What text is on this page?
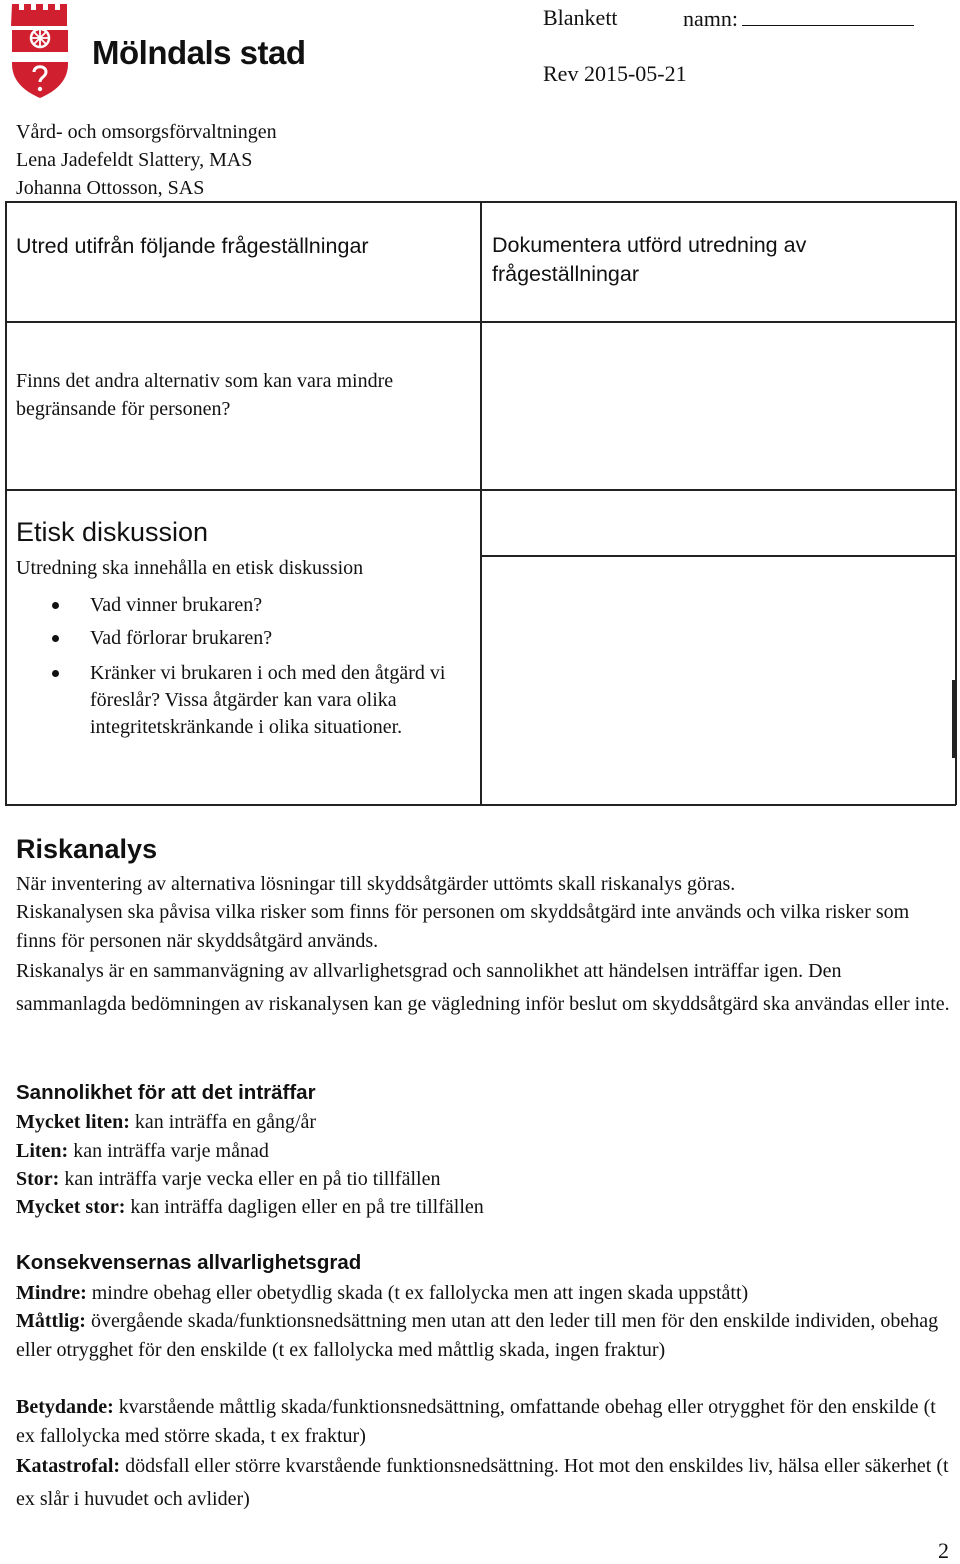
Mölndals stad
Blankett	namn:
Rev 2015-05-21
Vård- och omsorgsförvaltningen
Lena Jadefeldt Slattery, MAS
Johanna Ottosson, SAS
Utred utifrån följande frågeställningar	Dokumentera utförd utredning av frågeställningar
Finns det andra alternativ som kan vara mindre begränsande för personen?
Etisk diskussion
Utredning ska innehålla en etisk diskussion
Vad vinner brukaren?
Vad förlorar brukaren?
Kränker vi brukaren i och med den åtgärd vi föreslår? Vissa åtgärder kan vara olika integritetskränkande i olika situationer.
Riskanalys
När inventering av alternativa lösningar till skyddsåtgärder uttömts skall riskanalys göras.
Riskanalysen ska påvisa vilka risker som finns för personen om skyddsåtgärd inte används och vilka risker som finns för personen när skyddsåtgärd används.
Riskanalys är en sammanvägning av allvarlighetsgrad och sannolikhet att händelsen inträffar igen. Den sammanlagda bedömningen av riskanalysen kan ge vägledning inför beslut om skyddsåtgärd ska användas eller inte.
Sannolikhet för att det inträffar
Mycket liten: kan inträffa en gång/år
Liten: kan inträffa varje månad
Stor: kan inträffa varje vecka eller en på tio tillfällen
Mycket stor: kan inträffa dagligen eller en på tre tillfällen
Konsekvensernas allvarlighetsgrad
Mindre: mindre obehag eller obetydlig skada (t ex fallolycka men att ingen skada uppstått)
Måttlig: övergående skada/funktionsnedsättning men utan att den leder till men för den enskilde individen, obehag eller otrygghet för den enskilde (t ex fallolycka med måttlig skada, ingen fraktur)
Betydande: kvarstående måttlig skada/funktionsnedsättning, omfattande obehag eller otrygghet för den enskilde (t ex fallolycka med större skada, t ex fraktur)
Katastrofal: dödsfall eller större kvarstående funktionsnedsättning. Hot mot den enskildes liv, hälsa eller säkerhet (t ex slår i huvudet och avlider)
2
